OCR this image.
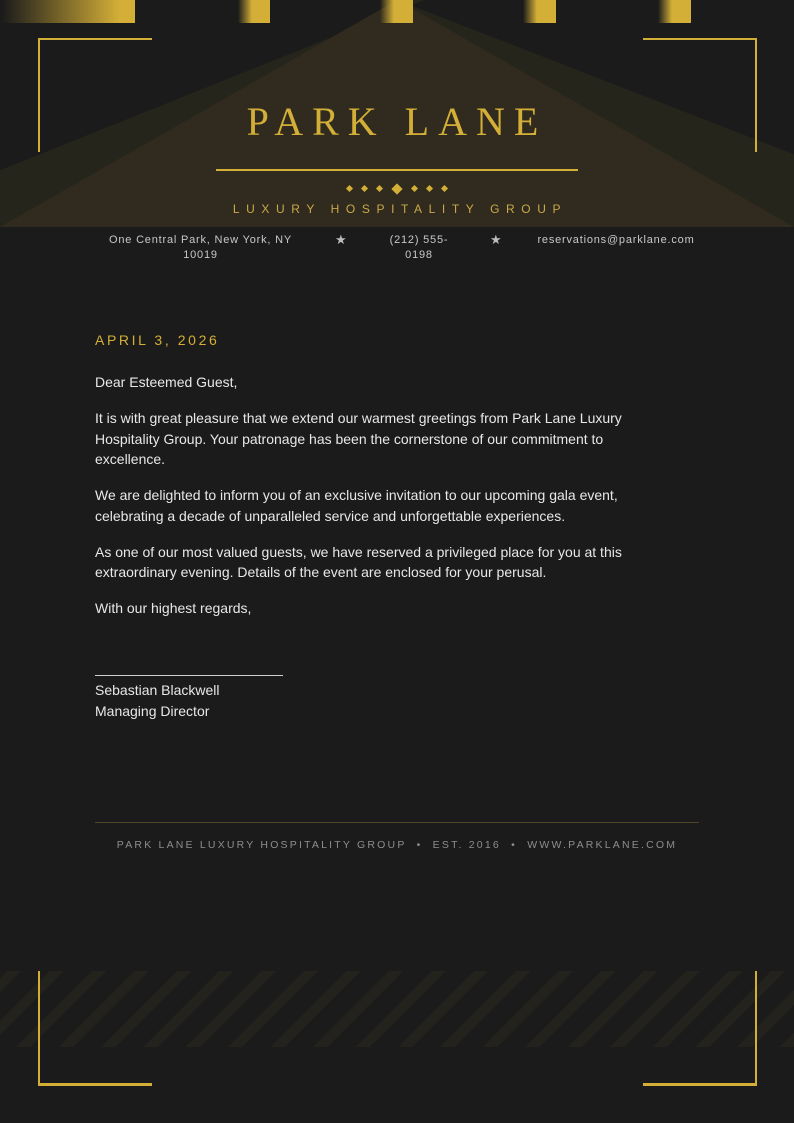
PARK LANE
LUXURY HOSPITALITY GROUP
One Central Park, New York, NY 10019
★	(212) 555-0198
★	reservations@parklane.com
APRIL 3, 2026

Dear Esteemed Guest,

It is with great pleasure that we extend our warmest greetings from Park Lane Luxury Hospitality Group. Your patronage has been the cornerstone of our commitment to excellence.

We are delighted to inform you of an exclusive invitation to our upcoming gala event, celebrating a decade of unparalleled service and unforgettable experiences.

As one of our most valued guests, we have reserved a privileged place for you at this extraordinary evening. Details of the event are enclosed for your perusal.

With our highest regards,

Sebastian Blackwell
Managing Director
PARK LANE LUXURY HOSPITALITY GROUP  •  EST. 2016  •  WWW.PARKLANE.COM
